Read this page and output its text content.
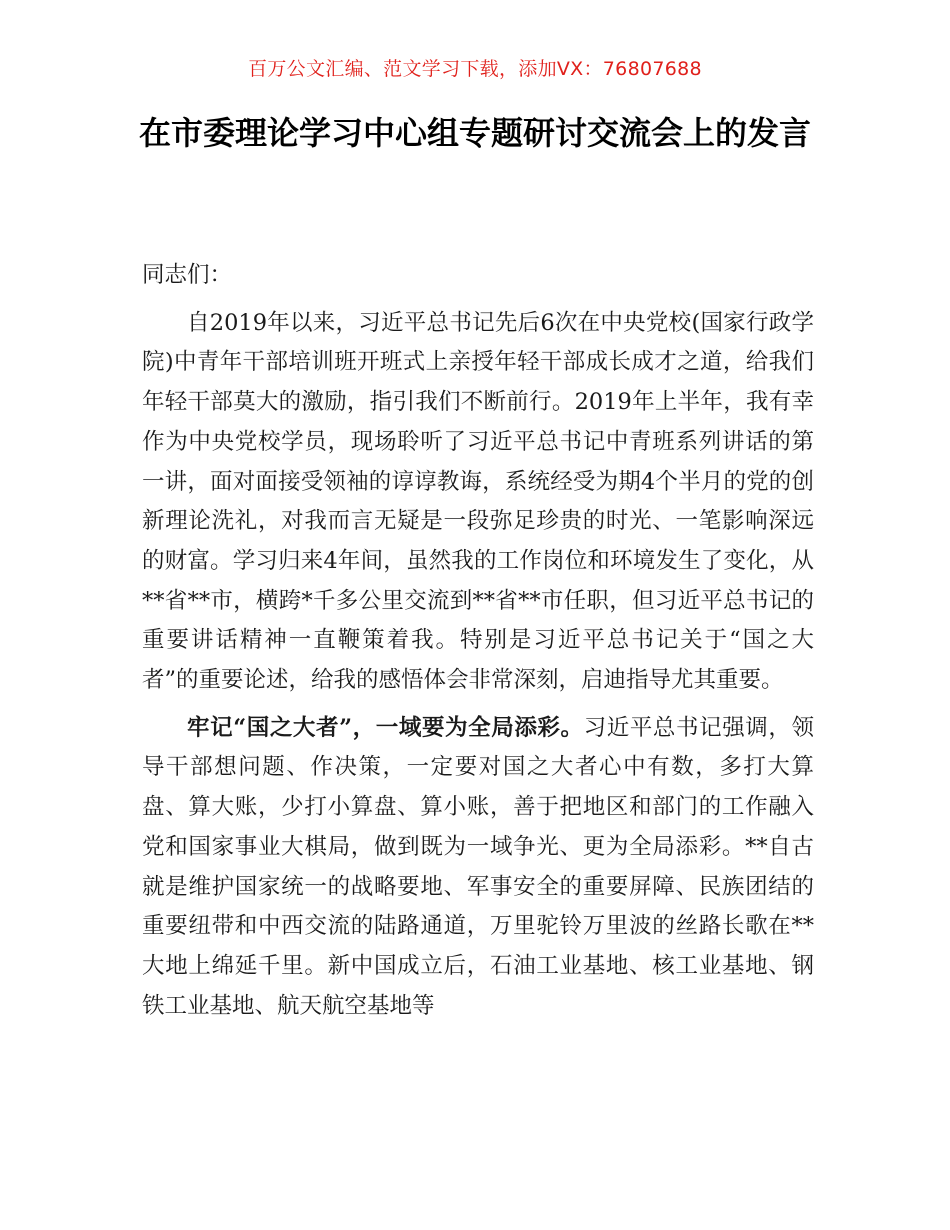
百万公文汇编、范文学习下载，添加VX：76807688
在市委理论学习中心组专题研讨交流会上的发言

同志们：

自2019年以来，习近平总书记先后6次在中央党校(国家行政学院)中青年干部培训班开班式上亲授年轻干部成长成才之道，给我们年轻干部莫大的激励，指引我们不断前行。2019年上半年，我有幸作为中央党校学员，现场聆听了习近平总书记中青班系列讲话的第一讲，面对面接受领袖的谆谆教诲，系统经受为期4个半月的党的创新理论洗礼，对我而言无疑是一段弥足珍贵的时光、一笔影响深远的财富。学习归来4年间，虽然我的工作岗位和环境发生了变化，从**省**市，横跨*千多公里交流到**省**市任职，但习近平总书记的重要讲话精神一直鞭策着我。特别是习近平总书记关于“国之大者”的重要论述，给我的感悟体会非常深刻，启迪指导尤其重要。

牢记“国之大者”，一域要为全局添彩。习近平总书记强调，领导干部想问题、作决策，一定要对国之大者心中有数，多打大算盘、算大账，少打小算盘、算小账，善于把地区和部门的工作融入党和国家事业大棋局，做到既为一域争光、更为全局添彩。**自古就是维护国家统一的战略要地、军事安全的重要屏障、民族团结的重要纽带和中西交流的陆路通道，万里驼铃万里波的丝路长歌在**大地上绵延千里。新中国成立后，石油工业基地、核工业基地、钢铁工业基地、航天航空基地等
